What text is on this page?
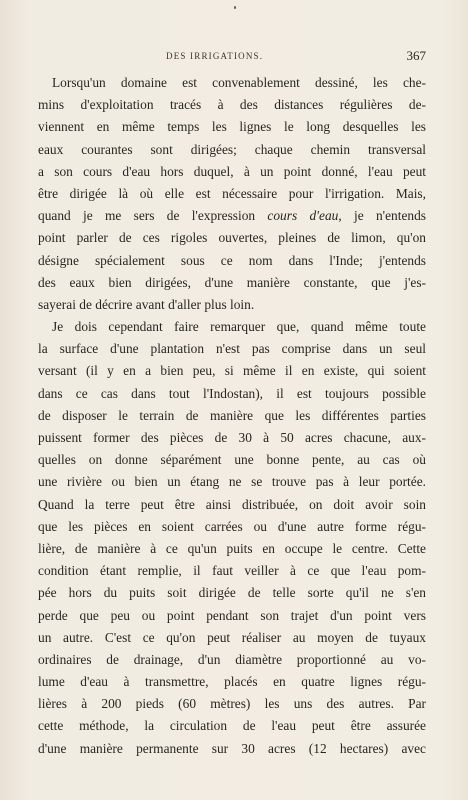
DES IRRIGATIONS.	367
Lorsqu'un domaine est convenablement dessiné, les che-
mins d'exploitation tracés à des distances régulières de-
viennent en même temps les lignes le long desquelles les
eaux courantes sont dirigées; chaque chemin transversal
a son cours d'eau hors duquel, à un point donné, l'eau peut
être dirigée là où elle est nécessaire pour l'irrigation. Mais,
quand je me sers de l'expression cours d'eau, je n'entends
point parler de ces rigoles ouvertes, pleines de limon, qu'on
désigne spécialement sous ce nom dans l'Inde; j'entends
des eaux bien dirigées, d'une manière constante, que j'es-
sayerai de décrire avant d'aller plus loin.
Je dois cependant faire remarquer que, quand même toute
la surface d'une plantation n'est pas comprise dans un seul
versant (il y en a bien peu, si même il en existe, qui soient
dans ce cas dans tout l'Indostan), il est toujours possible
de disposer le terrain de manière que les différentes parties
puissent former des pièces de 30 à 50 acres chacune, aux-
quelles on donne séparément une bonne pente, au cas où
une rivière ou bien un étang ne se trouve pas à leur portée.
Quand la terre peut être ainsi distribuée, on doit avoir soin
que les pièces en soient carrées ou d'une autre forme régu-
lière, de manière à ce qu'un puits en occupe le centre. Cette
condition étant remplie, il faut veiller à ce que l'eau pom-
pée hors du puits soit dirigée de telle sorte qu'il ne s'en
perde que peu ou point pendant son trajet d'un point vers
un autre. C'est ce qu'on peut réaliser au moyen de tuyaux
ordinaires de drainage, d'un diamètre proportionné au vo-
lume d'eau à transmettre, placés en quatre lignes régu-
lières à 200 pieds (60 mètres) les uns des autres. Par
cette méthode, la circulation de l'eau peut être assurée
d'une manière permanente sur 30 acres (12 hectares) avec
